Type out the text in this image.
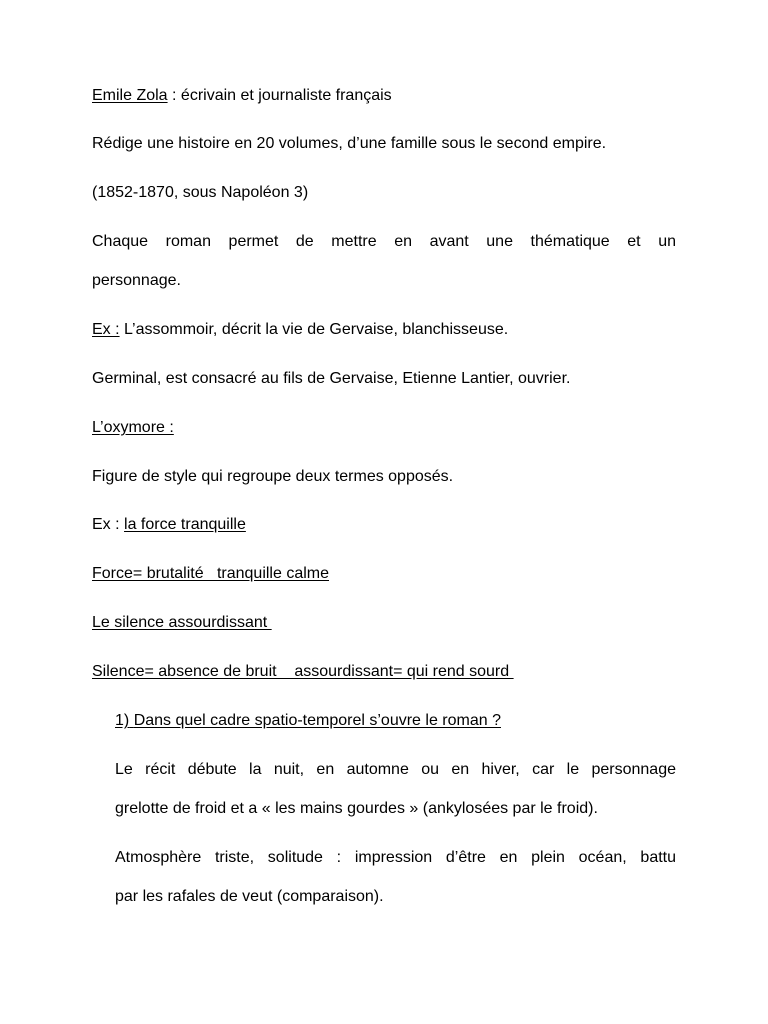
Emile Zola : écrivain et journaliste français

Rédige une histoire en 20 volumes, d’une famille sous le second empire.

(1852-1870, sous Napoléon 3)

Chaque roman permet de mettre en avant une thématique et un

personnage.

Ex : L’assommoir, décrit la vie de Gervaise, blanchisseuse.

Germinal, est consacré au fils de Gervaise, Etienne Lantier, ouvrier.

L’oxymore :

Figure de style qui regroupe deux termes opposés.

Ex : la force tranquille

Force= brutalité   tranquille calme

Le silence assourdissant

Silence= absence de bruit    assourdissant= qui rend sourd

1) Dans quel cadre spatio-temporel s’ouvre le roman ?

Le récit débute la nuit, en automne ou en hiver, car le personnage

grelotte de froid et a « les mains gourdes » (ankylosées par le froid).

Atmosphère triste, solitude : impression d’être en plein océan, battu

par les rafales de veut (comparaison).
